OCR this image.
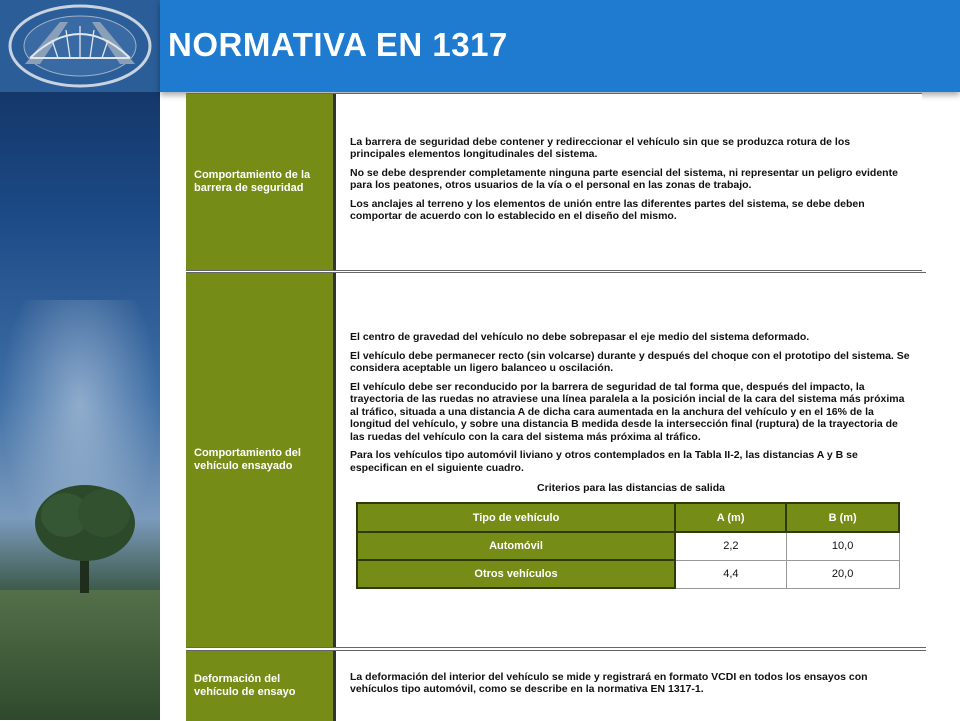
NORMATIVA EN 1317
Comportamiento de la barrera de seguridad

La barrera de seguridad debe contener y redireccionar el vehículo sin que se produzca rotura de los principales elementos longitudinales del sistema.

No se debe desprender completamente ninguna parte esencial del sistema, ni representar un peligro evidente para los peatones, otros usuarios de la vía o el personal en las zonas de trabajo.

Los anclajes al terreno y los elementos de unión entre las diferentes partes del sistema, se debe deben comportar de acuerdo con lo establecido en el diseño del mismo.

Comportamiento del vehículo ensayado

El centro de gravedad del vehículo no debe sobrepasar el eje medio del sistema deformado.

El vehículo debe permanecer recto (sin volcarse) durante y después del choque con el prototipo del sistema. Se considera aceptable un ligero balanceo u oscilación.

El vehículo debe ser reconducido por la barrera de seguridad de tal forma que, después del impacto, la trayectoria de las ruedas no atraviese una línea paralela a la posición incial de la cara del sistema más próxima al tráfico, situada a una distancia A de dicha cara aumentada en la anchura del vehículo y en el 16% de la longitud del vehículo, y sobre una distancia B medida desde la intersección final (ruptura) de la trayectoria de las ruedas del vehículo con la cara del sistema más próxima al tráfico.

Para los vehículos tipo automóvil liviano y otros contemplados en la Tabla II-2, las distancias A y B se especifican en el siguiente cuadro.

Criterios para las distancias de salida
Tipo de vehículo	A (m)	B (m)
Automóvil	2,2	10,0
Otros vehículos	4,4	20,0
Deformación del vehículo de ensayo

La deformación del interior del vehículo se mide y registrará en formato VCDI en todos los ensayos con vehículos tipo automóvil, como se describe en la normativa EN 1317-1.
